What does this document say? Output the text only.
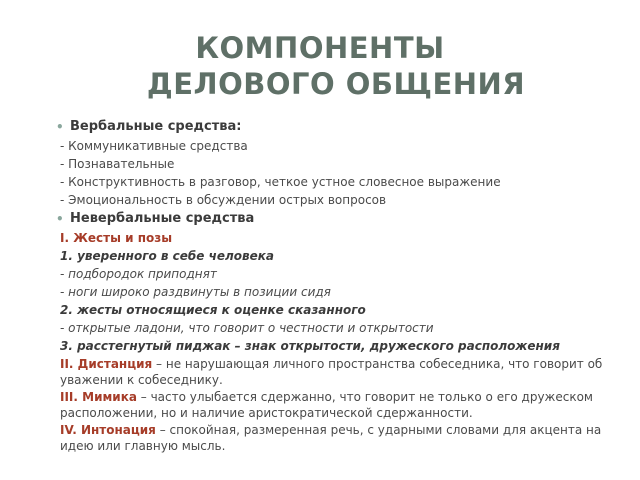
КОМПОНЕНТЫ
ДЕЛОВОГО ОБЩЕНИЯ
• Вербальные средства:
- Коммуникативные средства
- Познавательные
- Конструктивность в разговор, четкое устное словесное выражение
- Эмоциональность в обсуждении острых вопросов
• Невербальные средства
I. Жесты и позы
1. уверенного в себе человека
- подбородок приподнят
- ноги широко раздвинуты в позиции сидя
2. жесты относящиеся к оценке сказанного
- открытые ладони, что говорит о честности и открытости
3. расстегнутый пиджак – знак открытости, дружеского расположения
II. Дистанция – не нарушающая личного пространства собеседника, что говорит об уважении к собеседнику.
III. Мимика – часто улыбается сдержанно, что говорит не только о его дружеском расположении, но и наличие аристократической сдержанности.
IV. Интонация – спокойная, размеренная речь, с ударными словами для акцента на идею или главную мысль.
